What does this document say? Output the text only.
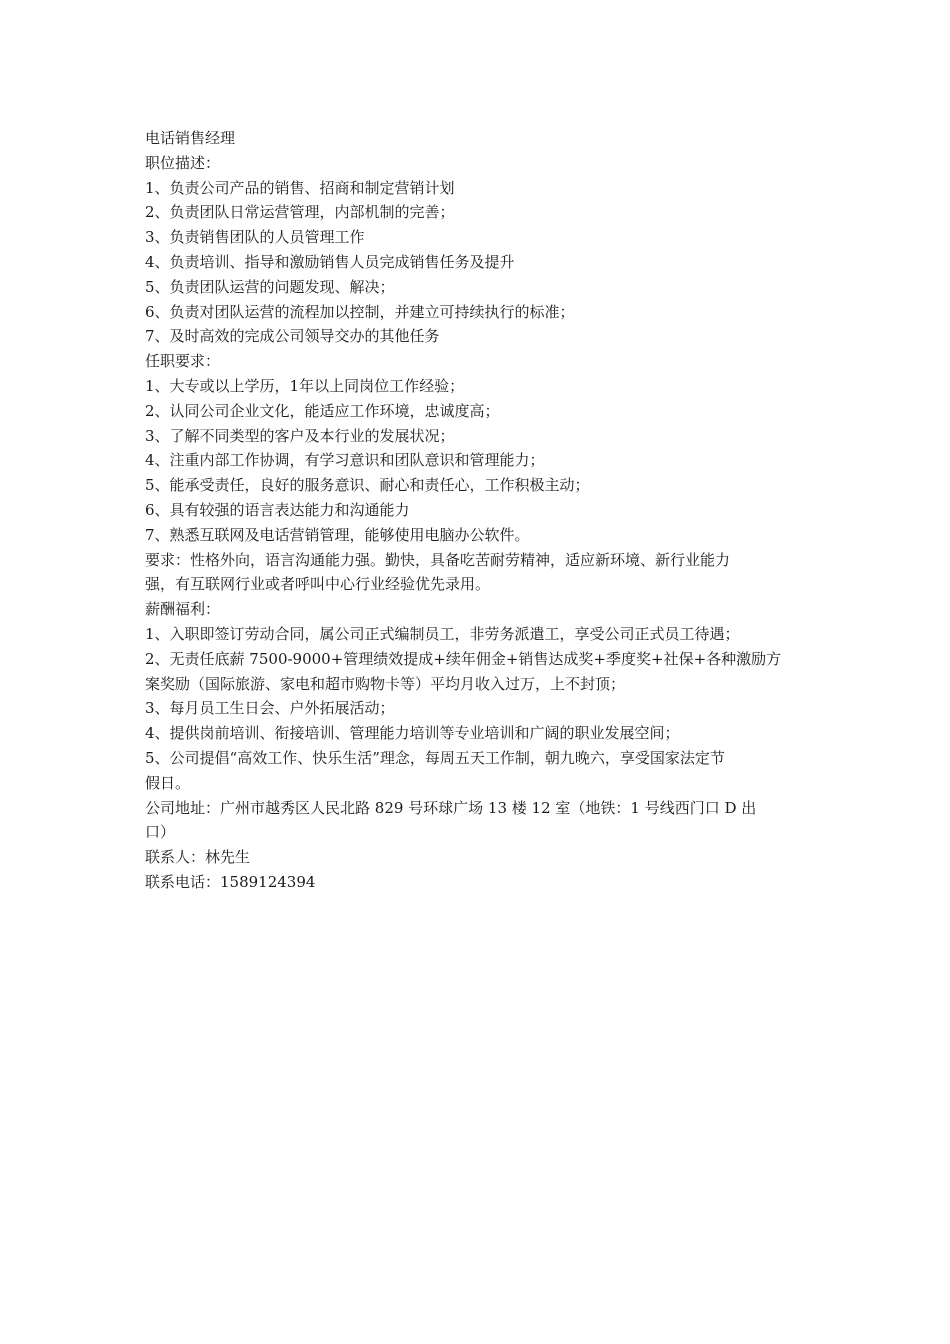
电话销售经理
职位描述：
1、负责公司产品的销售、招商和制定营销计划
2、负责团队日常运营管理，内部机制的完善；
3、负责销售团队的人员管理工作
4、负责培训、指导和激励销售人员完成销售任务及提升
5、负责团队运营的问题发现、解决；
6、负责对团队运营的流程加以控制，并建立可持续执行的标准；
7、及时高效的完成公司领导交办的其他任务
任职要求：
1、大专或以上学历，1年以上同岗位工作经验；
2、认同公司企业文化，能适应工作环境，忠诚度高；
3、了解不同类型的客户及本行业的发展状况；
4、注重内部工作协调，有学习意识和团队意识和管理能力；
5、能承受责任，良好的服务意识、耐心和责任心，工作积极主动；
6、具有较强的语言表达能力和沟通能力
7、熟悉互联网及电话营销管理，能够使用电脑办公软件。
要求：性格外向，语言沟通能力强。勤快，具备吃苦耐劳精神，适应新环境、新行业能力
强，有互联网行业或者呼叫中心行业经验优先录用。
薪酬福利：
1、入职即签订劳动合同，属公司正式编制员工，非劳务派遣工，享受公司正式员工待遇；
2、无责任底薪 7500-9000+管理绩效提成+续年佣金+销售达成奖+季度奖+社保+各种激励方
案奖励（国际旅游、家电和超市购物卡等）平均月收入过万，上不封顶；
3、每月员工生日会、户外拓展活动；
4、提供岗前培训、衔接培训、管理能力培训等专业培训和广阔的职业发展空间；
5、公司提倡“高效工作、快乐生活”理念，每周五天工作制，朝九晚六，享受国家法定节
假日。
公司地址：广州市越秀区人民北路 829 号环球广场 13 楼 12 室（地铁：1 号线西门口 D 出
口）
联系人：林先生
联系电话：1589124394
